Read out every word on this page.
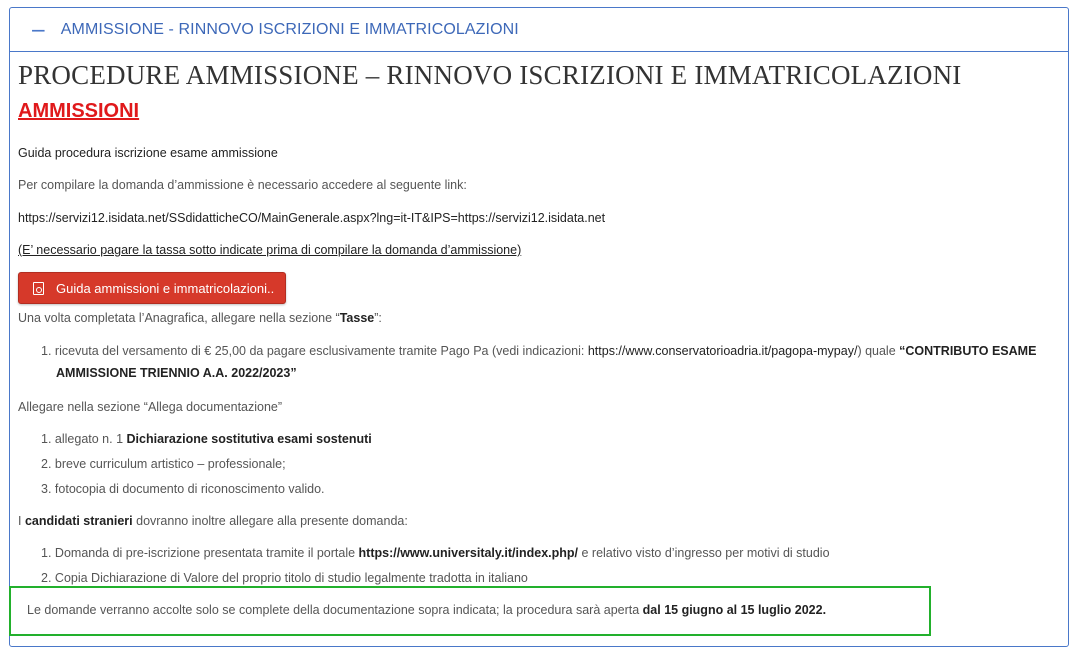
− AMMISSIONE - RINNOVO ISCRIZIONI E IMMATRICOLAZIONI
PROCEDURE AMMISSIONE – RINNOVO ISCRIZIONI E IMMATRICOLAZIONI
AMMISSIONI

Guida procedura iscrizione esame ammissione

Per compilare la domanda d’ammissione è necessario accedere al seguente link:

https://servizi12.isidata.net/SSdidatticheCO/MainGenerale.aspx?lng=it-IT&IPS=https://servizi12.isidata.net

(E’ necessario pagare la tassa sotto indicate prima di compilare la domanda d’ammissione)

Guida ammissioni e immatricolazioni..

Una volta completata l’Anagrafica, allegare nella sezione “Tasse”:

1. ricevuta del versamento di € 25,00 da pagare esclusivamente tramite Pago Pa (vedi indicazioni: https://www.conservatorioadria.it/pagopa-mypay/) quale “CONTRIBUTO ESAME
AMMISSIONE TRIENNIO A.A. 2022/2023”

Allegare nella sezione “Allega documentazione”

1. allegato n. 1 Dichiarazione sostitutiva esami sostenuti
2. breve curriculum artistico – professionale;
3. fotocopia di documento di riconoscimento valido.

I candidati stranieri dovranno inoltre allegare alla presente domanda:

1. Domanda di pre-iscrizione presentata tramite il portale https://www.universitaly.it/index.php/ e relativo visto d’ingresso per motivi di studio
2. Copia Dichiarazione di Valore del proprio titolo di studio legalmente tradotta in italiano

Le domande verranno accolte solo se complete della documentazione sopra indicata; la procedura sarà aperta dal 15 giugno al 15 luglio 2022.
